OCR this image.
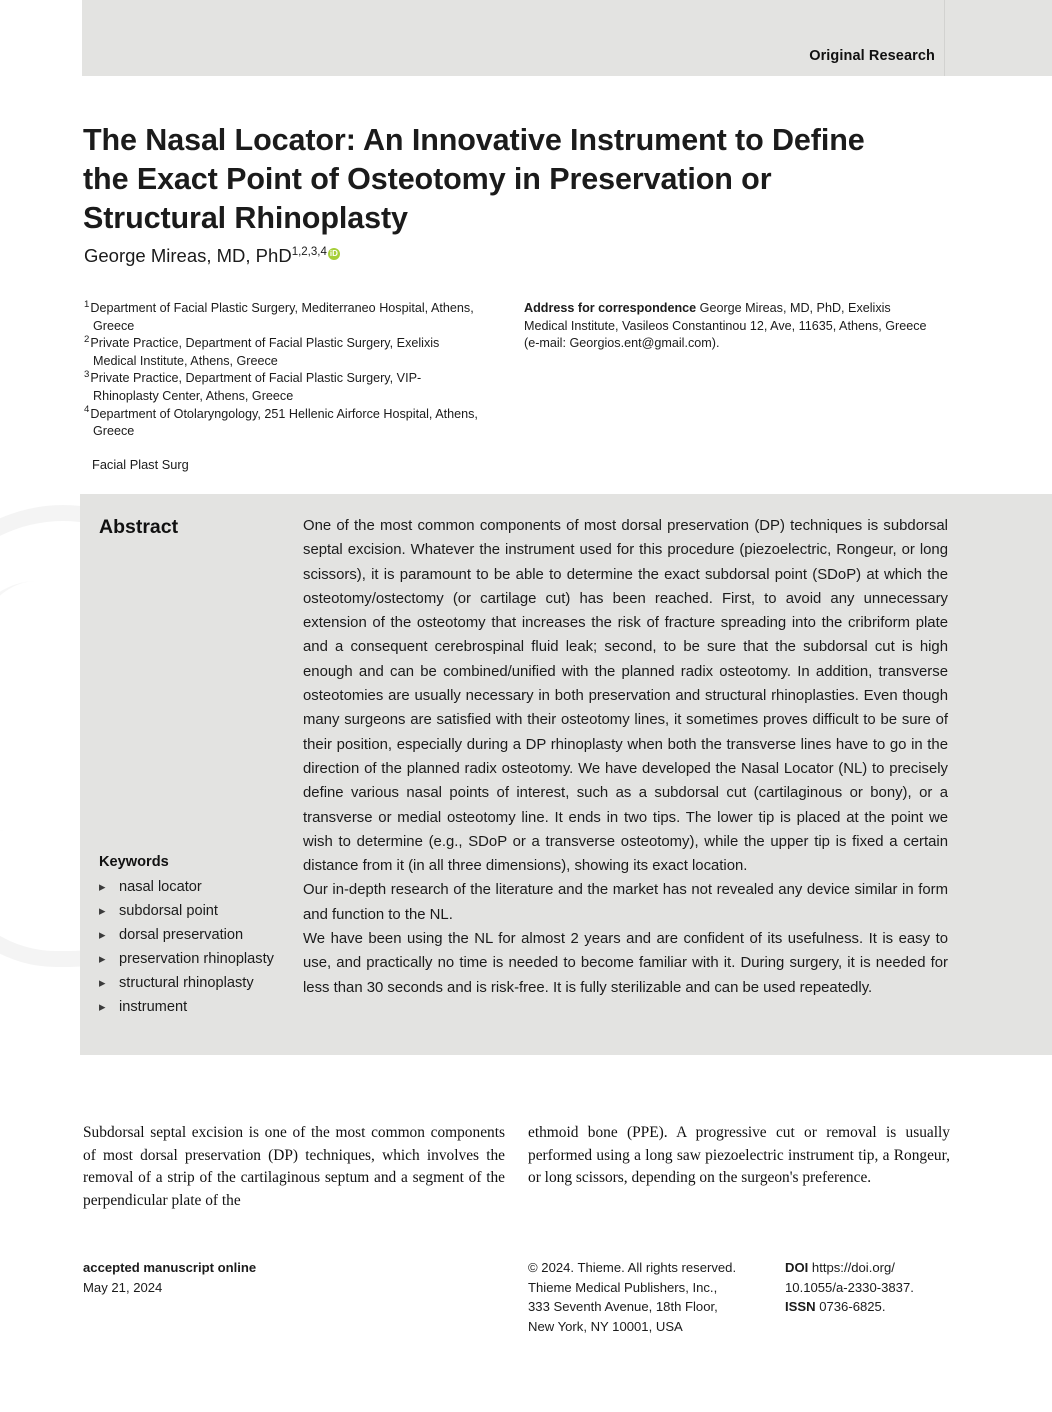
Original Research
The Nasal Locator: An Innovative Instrument to Define the Exact Point of Osteotomy in Preservation or Structural Rhinoplasty
George Mireas, MD, PhD$^{1,2,3,4}$ iD
$^1$Department of Facial Plastic Surgery, Mediterraneo Hospital, Athens, Greece
$^2$Private Practice, Department of Facial Plastic Surgery, Exelixis Medical Institute, Athens, Greece
$^3$Private Practice, Department of Facial Plastic Surgery, VIP-Rhinoplasty Center, Athens, Greece
$^4$Department of Otolaryngology, 251 Hellenic Airforce Hospital, Athens, Greece
Address for correspondence George Mireas, MD, PhD, Exelixis Medical Institute, Vasileos Constantinou 12, Ave, 11635, Athens, Greece (e-mail: Georgios.ent@gmail.com).
Facial Plast Surg
Abstract	One of the most common components of most dorsal preservation (DP) techniques is subdorsal septal excision. Whatever the instrument used for this procedure (piezoelectric, Rongeur, or long scissors), it is paramount to be able to determine the exact subdorsal point (SDoP) at which the osteotomy/ostectomy (or cartilage cut) has been reached. First, to avoid any unnecessary extension of the osteotomy that increases the risk of fracture spreading into the cribriform plate and a consequent cerebrospinal fluid leak; second, to be sure that the subdorsal cut is high enough and can be combined/unified with the planned radix osteotomy. In addition, transverse osteotomies are usually necessary in both preservation and structural rhinoplasties. Even though many surgeons are satisfied with their osteotomy lines, it sometimes proves difficult to be sure of their position, especially during a DP rhinoplasty when both the transverse lines have to go in the direction of the planned radix osteotomy. We have developed the Nasal Locator (NL) to precisely define various nasal points of interest, such as a subdorsal cut (cartilaginous or bony), or a transverse or medial osteotomy line. It ends in two tips. The lower tip is placed at the point we wish to determine (e.g., SDoP or a transverse osteotomy), while the upper tip is fixed a certain distance from it (in all three dimensions), showing its exact location.

Our in-depth research of the literature and the market has not revealed any device similar in form and function to the NL.

We have been using the NL for almost 2 years and are confident of its usefulness. It is easy to use, and practically no time is needed to become familiar with it. During surgery, it is needed for less than 30 seconds and is risk-free. It is fully sterilizable and can be used repeatedly.

Keywords
▸ nasal locator
▸ subdorsal point
▸ dorsal preservation
▸ preservation rhinoplasty
▸ structural rhinoplasty
▸ instrument

Subdorsal septal excision is one of the most common components of most dorsal preservation (DP) techniques, which involves the removal of a strip of the cartilaginous septum and a segment of the perpendicular plate of the

ethmoid bone (PPE). A progressive cut or removal is usually performed using a long saw piezoelectric instrument tip, a Rongeur, or long scissors, depending on the surgeon's preference.

accepted manuscript online
May 21, 2024
© 2024. Thieme. All rights reserved.
Thieme Medical Publishers, Inc.,
333 Seventh Avenue, 18th Floor,
New York, NY 10001, USA
DOI https://doi.org/
10.1055/a-2330-3837.
ISSN 0736-6825.
